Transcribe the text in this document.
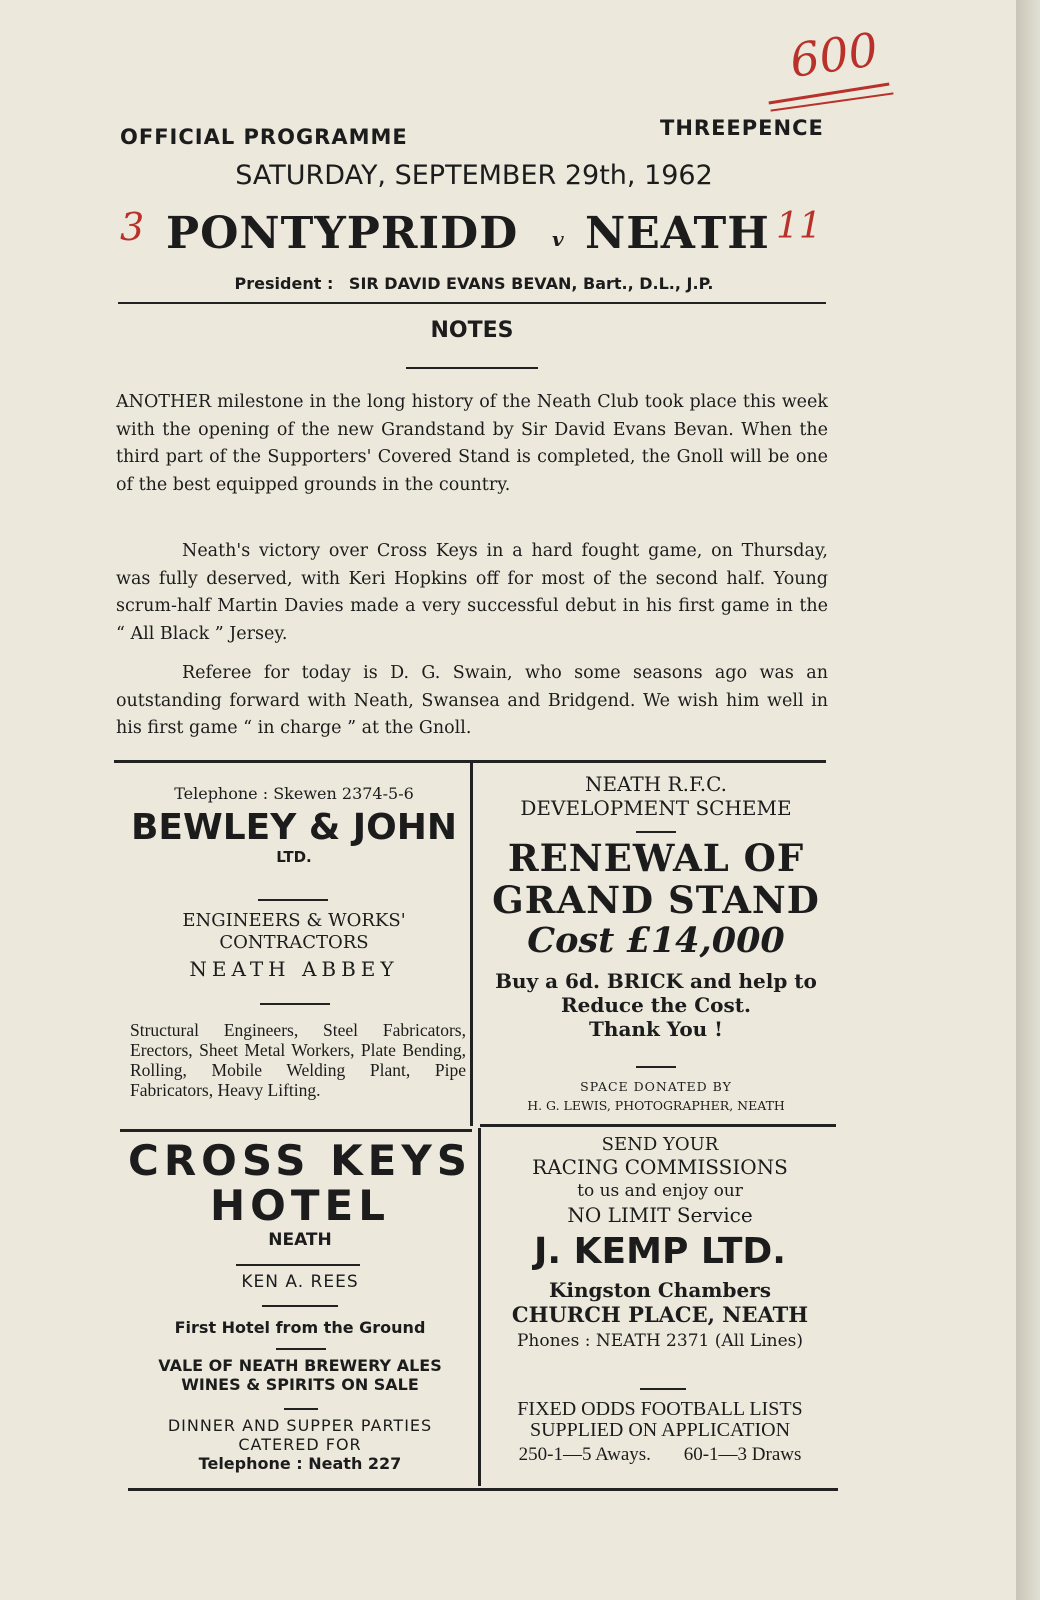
600
3	11
OFFICIAL PROGRAMME	THREEPENCE
SATURDAY, SEPTEMBER 29th, 1962
PONTYPRIDD v NEATH
President : SIR DAVID EVANS BEVAN, Bart., D.L., J.P.
NOTES

ANOTHER milestone in the long history of the Neath Club took place this week with the opening of the new Grandstand by Sir David Evans Bevan. When the third part of the Supporters' Covered Stand is completed, the Gnoll will be one of the best equipped grounds in the country.

Neath's victory over Cross Keys in a hard fought game, on Thursday, was fully deserved, with Keri Hopkins off for most of the second half. Young scrum-half Martin Davies made a very successful debut in his first game in the “ All Black ” Jersey.

Referee for today is D. G. Swain, who some seasons ago was an outstanding forward with Neath, Swansea and Bridgend. We wish him well in his first game “ in charge ” at the Gnoll.

Telephone : Skewen 2374-5-6
BEWLEY & JOHN
LTD.
ENGINEERS & WORKS'
CONTRACTORS
NEATH ABBEY
Structural Engineers, Steel Fabricators, Erectors, Sheet Metal Workers, Plate Bending, Rolling, Mobile Welding Plant, Pipe Fabricators, Heavy Lifting.
NEATH R.F.C.
DEVELOPMENT SCHEME
RENEWAL OF
GRAND STAND
Cost £14,000
Buy a 6d. BRICK and help to
Reduce the Cost.
Thank You !
SPACE DONATED BY
H. G. LEWIS, PHOTOGRAPHER, NEATH
CROSS KEYS
HOTEL
NEATH
KEN A. REES
First Hotel from the Ground
VALE OF NEATH BREWERY ALES
WINES & SPIRITS ON SALE
DINNER AND SUPPER PARTIES
CATERED FOR
Telephone : Neath 227
SEND YOUR
RACING COMMISSIONS
to us and enjoy our
NO LIMIT Service
J. KEMP LTD.
Kingston Chambers
CHURCH PLACE, NEATH
Phones : NEATH 2371 (All Lines)
FIXED ODDS FOOTBALL LISTS
SUPPLIED ON APPLICATION
250-1—5 Aways. 60-1—3 Draws
